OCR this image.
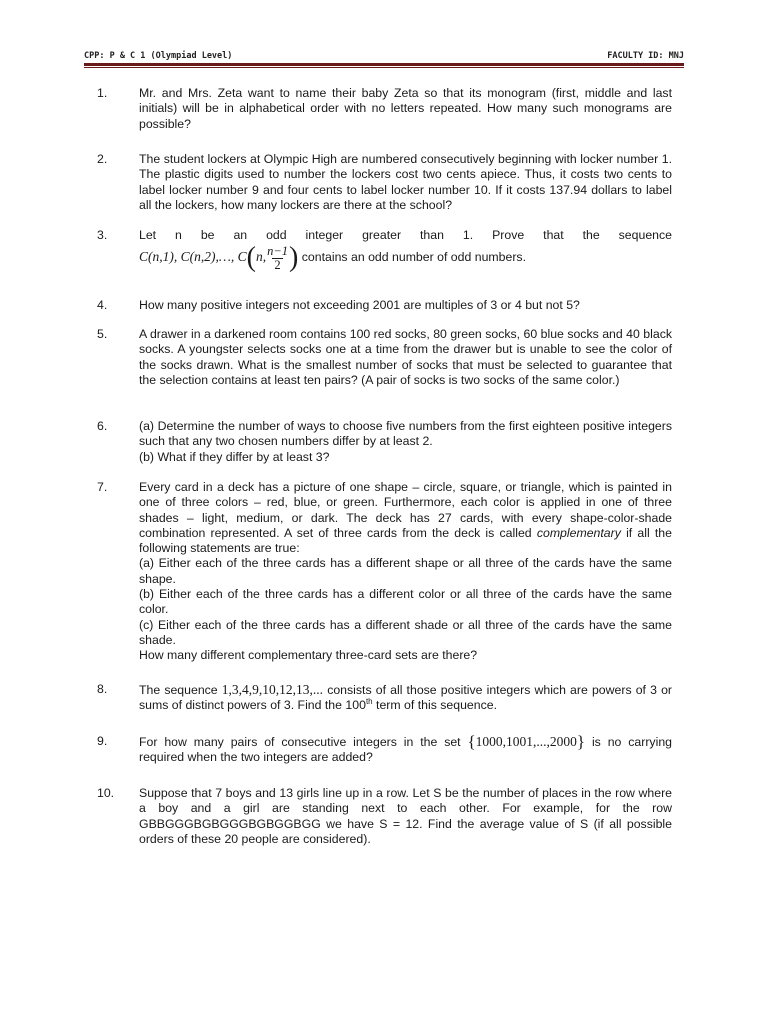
CPP: P & C 1 (Olympiad Level)	FACULTY ID: MNJ
1.	Mr. and Mrs. Zeta want to name their baby Zeta so that its monogram (first, middle and last initials) will be in alphabetical order with no letters repeated. How many such monograms are possible?

2.	The student lockers at Olympic High are numbered consecutively beginning with locker number 1. The plastic digits used to number the lockers cost two cents apiece. Thus, it costs two cents to label locker number 9 and four cents to label locker number 10. If it costs 137.94 dollars to label all the lockers, how many lockers are there at the school?

3.	Let n be an odd integer greater than 1. Prove that the sequence

C(n,1), C(n,2),…, C(n, $\frac{n-1}{2}$ ) contains an odd number of odd numbers.

4.	How many positive integers not exceeding 2001 are multiples of 3 or 4 but not 5?

5.	A drawer in a darkened room contains 100 red socks, 80 green socks, 60 blue socks and 40 black socks. A youngster selects socks one at a time from the drawer but is unable to see the color of the socks drawn. What is the smallest number of socks that must be selected to guarantee that the selection contains at least ten pairs? (A pair of socks is two socks of the same color.)

6.	(a) Determine the number of ways to choose five numbers from the first eighteen positive integers such that any two chosen numbers differ by at least 2.

(b) What if they differ by at least 3?

7.	Every card in a deck has a picture of one shape – circle, square, or triangle, which is painted in one of three colors – red, blue, or green. Furthermore, each color is applied in one of three shades – light, medium, or dark. The deck has 27 cards, with every shape-color-shade combination represented. A set of three cards from the deck is called complementary if all the following statements are true:

(a) Either each of the three cards has a different shape or all three of the cards have the same shape.

(b) Either each of the three cards has a different color or all three of the cards have the same color.

(c) Either each of the three cards has a different shade or all three of the cards have the same shade.

How many different complementary three-card sets are there?

8.	The sequence 1,3,4,9,10,12,13,... consists of all those positive integers which are powers of 3 or sums of distinct powers of 3. Find the 100th term of this sequence.

9.	For how many pairs of consecutive integers in the set {1000,1001,...,2000} is no carrying required when the two integers are added?

10.	Suppose that 7 boys and 13 girls line up in a row. Let S be the number of places in the row where a boy and a girl are standing next to each other. For example, for the row GBBGGGBGBGGGBGBGGBGG we have S = 12. Find the average value of S (if all possible orders of these 20 people are considered).
